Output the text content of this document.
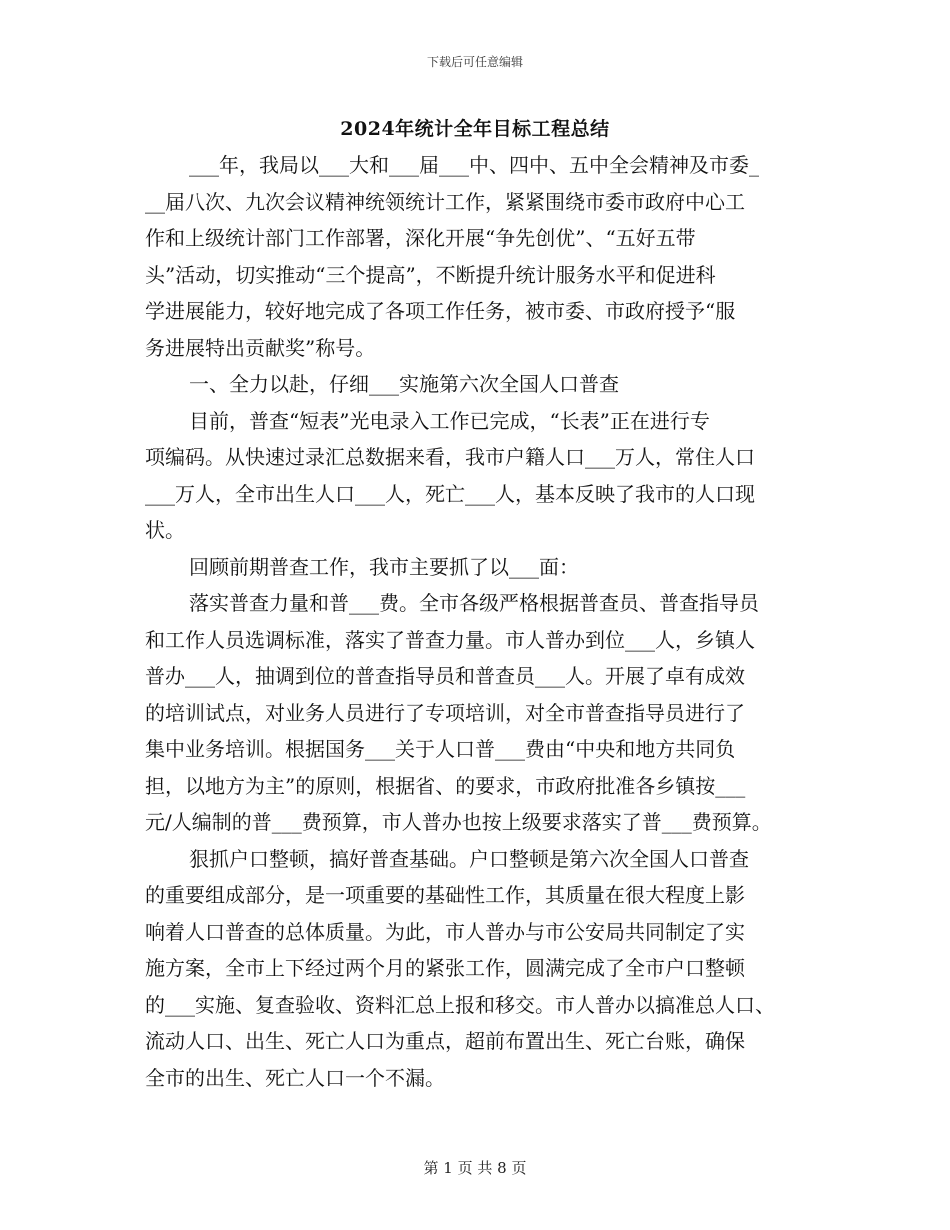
下载后可任意编辑
2024年统计全年目标工程总结
___年，我局以___大和___届___中、四中、五中全会精神及市委_
__届八次、九次会议精神统领统计工作，紧紧围绕市委市政府中心工
作和上级统计部门工作部署，深化开展“争先创优”、“五好五带
头”活动，切实推动“三个提高”，不断提升统计服务水平和促进科
学进展能力，较好地完成了各项工作任务，被市委、市政府授予“服
务进展特出贡献奖”称号。
一、全力以赴，仔细___实施第六次全国人口普查
目前，普查“短表”光电录入工作已完成，“长表”正在进行专
项编码。从快速过录汇总数据来看，我市户籍人口___万人，常住人口
___万人，全市出生人口___人，死亡___人，基本反映了我市的人口现
状。
回顾前期普查工作，我市主要抓了以___面：
落实普查力量和普___费。全市各级严格根据普查员、普查指导员
和工作人员选调标准，落实了普查力量。市人普办到位___人，乡镇人
普办___人，抽调到位的普查指导员和普查员___人。开展了卓有成效
的培训试点，对业务人员进行了专项培训，对全市普查指导员进行了
集中业务培训。根据国务___关于人口普___费由“中央和地方共同负
担，以地方为主”的原则，根据省、的要求，市政府批准各乡镇按___
元/人编制的普___费预算，市人普办也按上级要求落实了普___费预算。
狠抓户口整顿，搞好普查基础。户口整顿是第六次全国人口普查
的重要组成部分，是一项重要的基础性工作，其质量在很大程度上影
响着人口普查的总体质量。为此，市人普办与市公安局共同制定了实
施方案，全市上下经过两个月的紧张工作，圆满完成了全市户口整顿
的___实施、复查验收、资料汇总上报和移交。市人普办以搞准总人口、
流动人口、出生、死亡人口为重点，超前布置出生、死亡台账，确保
全市的出生、死亡人口一个不漏。
第 1 页 共 8 页
